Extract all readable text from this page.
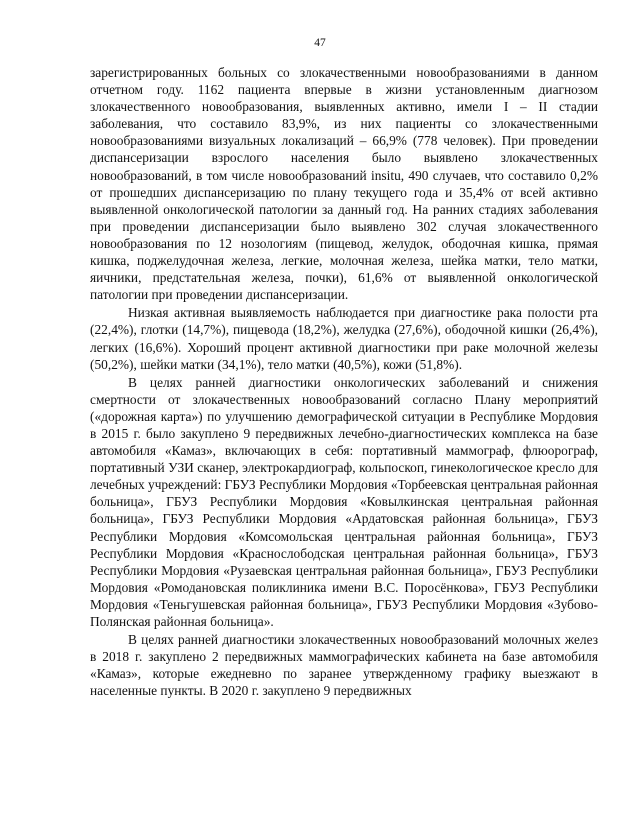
47

зарегистрированных больных со злокачественными новообразованиями в данном отчетном году. 1162 пациента впервые в жизни установленным диагнозом злокачественного новообразования, выявленных активно, имели I – II стадии заболевания, что составило 83,9%, из них пациенты со злокачественными новообразованиями визуальных локализаций – 66,9% (778 человек). При проведении диспансеризации взрослого населения было выявлено злокачественных новообразований, в том числе новообразований insitu, 490 случаев, что составило 0,2% от прошедших диспансеризацию по плану текущего года и 35,4% от всей активно выявленной онкологической патологии за данный год. На ранних стадиях заболевания при проведении диспансеризации было выявлено 302 случая злокачественного новообразования по 12 нозологиям (пищевод, желудок, ободочная кишка, прямая кишка, поджелудочная железа, легкие, молочная железа, шейка матки, тело матки, яичники, предстательная железа, почки), 61,6% от выявленной онкологической патологии при проведении диспансеризации.

Низкая активная выявляемость наблюдается при диагностике рака полости рта (22,4%), глотки (14,7%), пищевода (18,2%), желудка (27,6%), ободочной кишки (26,4%), легких (16,6%). Хороший процент активной диагностики при раке молочной железы (50,2%), шейки матки (34,1%), тело матки (40,5%), кожи (51,8%).

В целях ранней диагностики онкологических заболеваний и снижения смертности от злокачественных новообразований согласно Плану мероприятий («дорожная карта») по улучшению демографической ситуации в Республике Мордовия в 2015 г. было закуплено 9 передвижных лечебно-диагностических комплекса на базе автомобиля «Камаз», включающих в себя: портативный маммограф, флюорограф, портативный УЗИ сканер, электрокардиограф, кольпоскоп, гинекологическое кресло для лечебных учреждений: ГБУЗ Республики Мордовия «Торбеевская центральная районная больница», ГБУЗ Республики Мордовия «Ковылкинская центральная районная больница», ГБУЗ Республики Мордовия «Ардатовская районная больница», ГБУЗ Республики Мордовия «Комсомольская центральная районная больница», ГБУЗ Республики Мордовия «Краснослободская центральная районная больница», ГБУЗ Республики Мордовия «Рузаевская центральная районная больница», ГБУЗ Республики Мордовия «Ромодановская поликлиника имени В.С. Поросёнкова», ГБУЗ Республики Мордовия «Теньгушевская районная больница», ГБУЗ Республики Мордовия «Зубово-Полянская районная больница».

В целях ранней диагностики злокачественных новообразований молочных желез в 2018 г. закуплено 2 передвижных маммографических кабинета на базе автомобиля «Камаз», которые ежедневно по заранее утвержденному графику выезжают в населенные пункты. В 2020 г. закуплено 9 передвижных
